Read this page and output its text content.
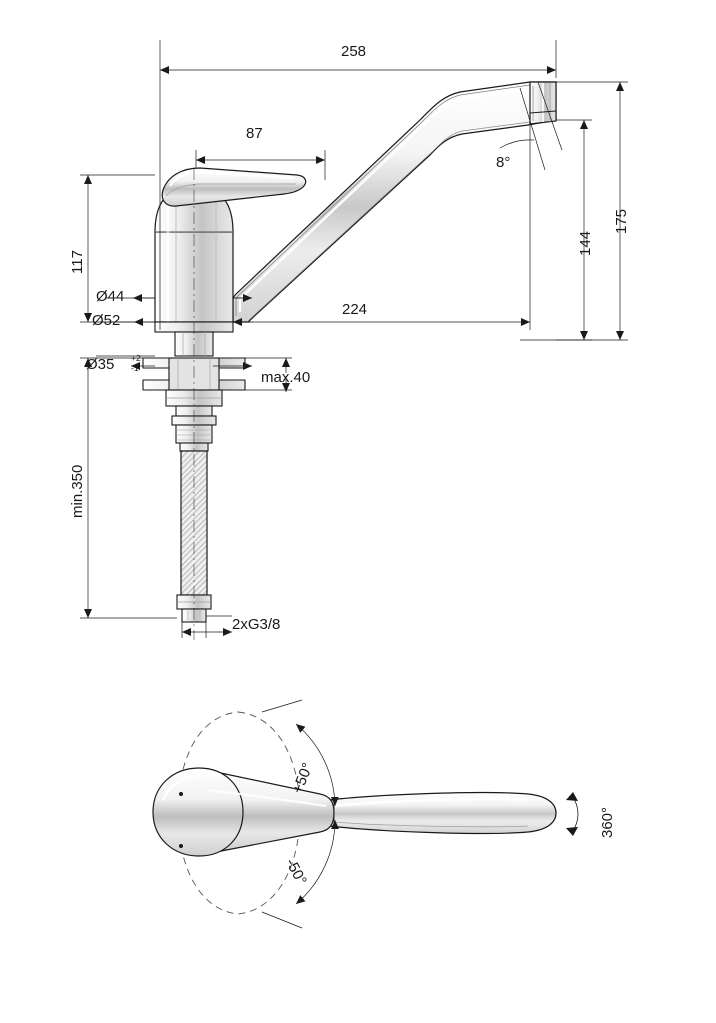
258
87
224
8°
175
144
117
min.350
Ø44
Ø52
Ø35 +2
-1
max.40
2xG3/8
+50°
-50°
360°
